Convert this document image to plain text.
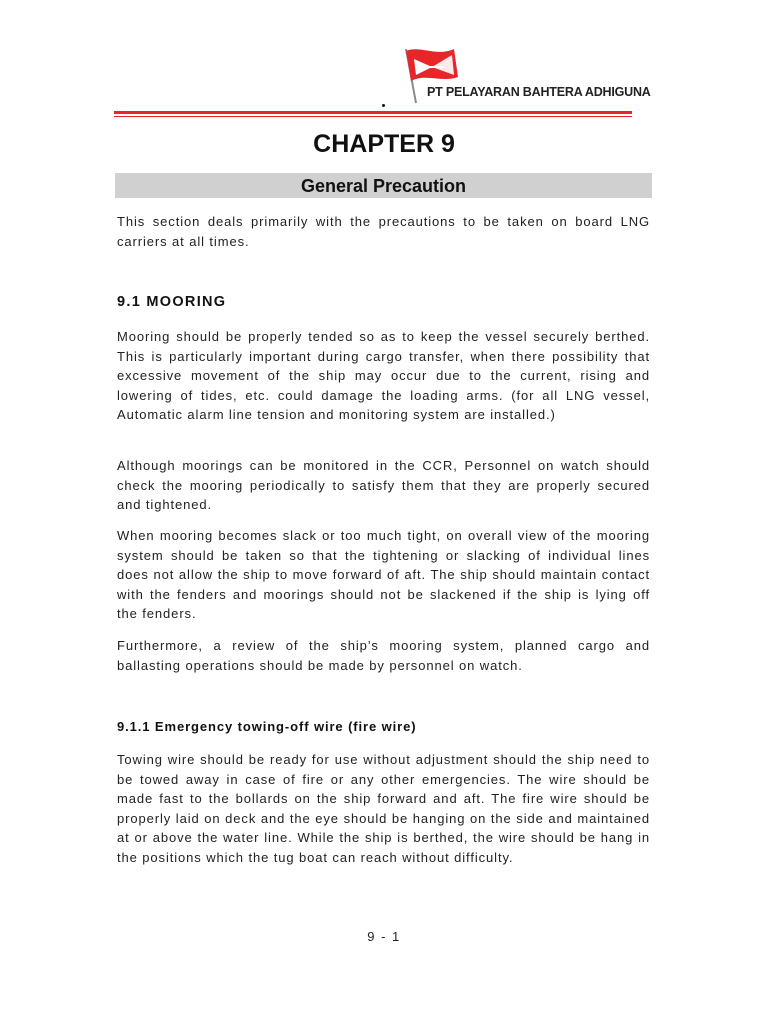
PT PELAYARAN BAHTERA ADHIGUNA
CHAPTER 9
General Precaution

This section deals primarily with the precautions to be taken on board LNG carriers at all times.

9.1 MOORING

Mooring should be properly tended so as to keep the vessel securely berthed. This is particularly important during cargo transfer, when there possibility that excessive movement of the ship may occur due to the current, rising and lowering of tides, etc. could damage the loading arms. (for all LNG vessel, Automatic alarm line tension and monitoring system are installed.)

Although moorings can be monitored in the CCR, Personnel on watch should check the mooring periodically to satisfy them that they are properly secured and tightened.

When mooring becomes slack or too much tight, on overall view of the mooring system should be taken so that the tightening or slacking of individual lines does not allow the ship to move forward of aft. The ship should maintain contact with the fenders and moorings should not be slackened if the ship is lying off the fenders.

Furthermore, a review of the ship’s mooring system, planned cargo and ballasting operations should be made by personnel on watch.

9.1.1 Emergency towing-off wire (fire wire)

Towing wire should be ready for use without adjustment should the ship need to be towed away in case of fire or any other emergencies. The wire should be made fast to the bollards on the ship forward and aft. The fire wire should be properly laid on deck and the eye should be hanging on the side and maintained at or above the water line. While the ship is berthed, the wire should be hang in the positions which the tug boat can reach without difficulty.

9 - 1
